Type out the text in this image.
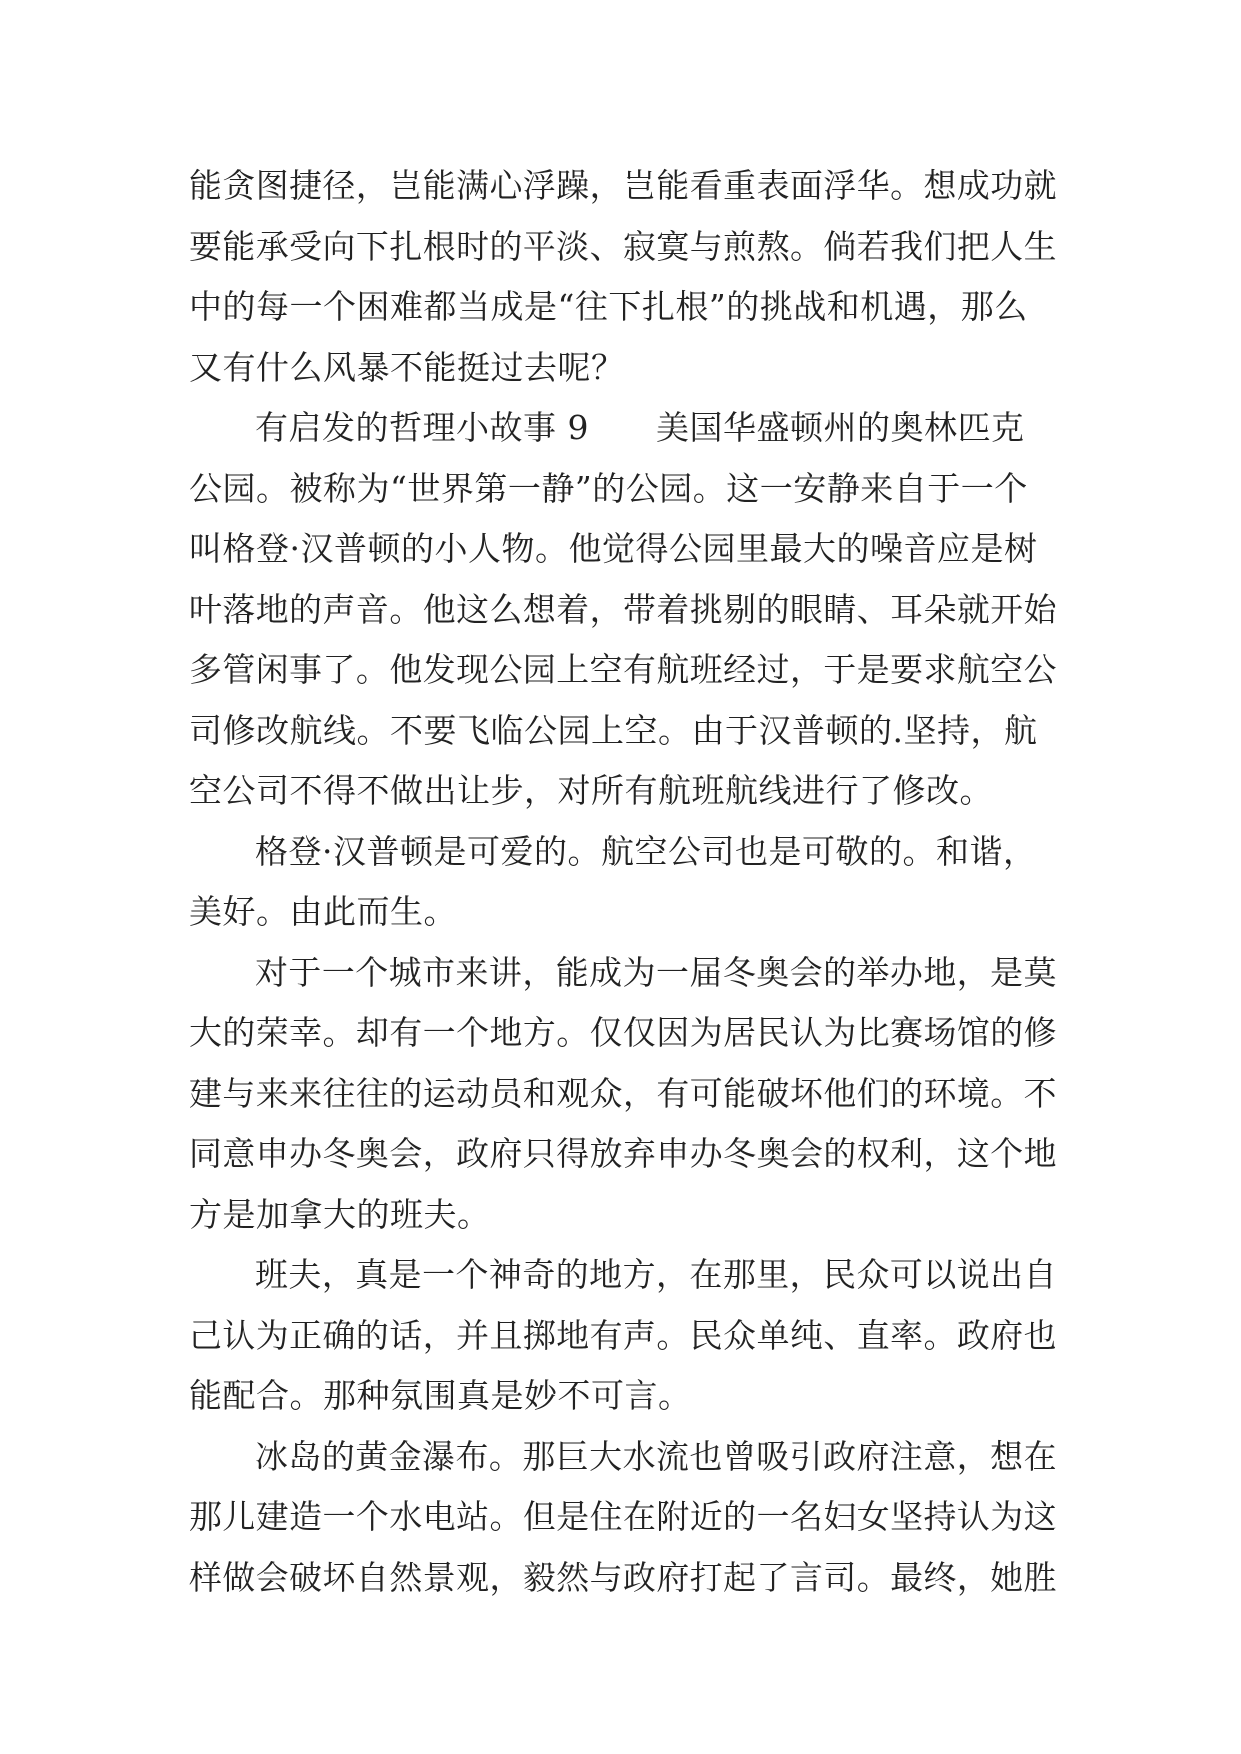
能贪图捷径，岂能满心浮躁，岂能看重表面浮华。想成功就
要能承受向下扎根时的平淡、寂寞与煎熬。倘若我们把人生
中的每一个困难都当成是“往下扎根”的挑战和机遇，那么
又有什么风暴不能挺过去呢？
有启发的哲理小故事 9　　美国华盛顿州的奥林匹克
公园。被称为“世界第一静”的公园。这一安静来自于一个
叫格登·汉普顿的小人物。他觉得公园里最大的噪音应是树
叶落地的声音。他这么想着，带着挑剔的眼睛、耳朵就开始
多管闲事了。他发现公园上空有航班经过，于是要求航空公
司修改航线。不要飞临公园上空。由于汉普顿的.坚持，航
空公司不得不做出让步，对所有航班航线进行了修改。
格登·汉普顿是可爱的。航空公司也是可敬的。和谐，
美好。由此而生。
对于一个城市来讲，能成为一届冬奥会的举办地，是莫
大的荣幸。却有一个地方。仅仅因为居民认为比赛场馆的修
建与来来往往的运动员和观众，有可能破坏他们的环境。不
同意申办冬奥会，政府只得放弃申办冬奥会的权利，这个地
方是加拿大的班夫。
班夫，真是一个神奇的地方，在那里，民众可以说出自
己认为正确的话，并且掷地有声。民众单纯、直率。政府也
能配合。那种氛围真是妙不可言。
冰岛的黄金瀑布。那巨大水流也曾吸引政府注意，想在
那儿建造一个水电站。但是住在附近的一名妇女坚持认为这
样做会破坏自然景观，毅然与政府打起了言司。最终，她胜
